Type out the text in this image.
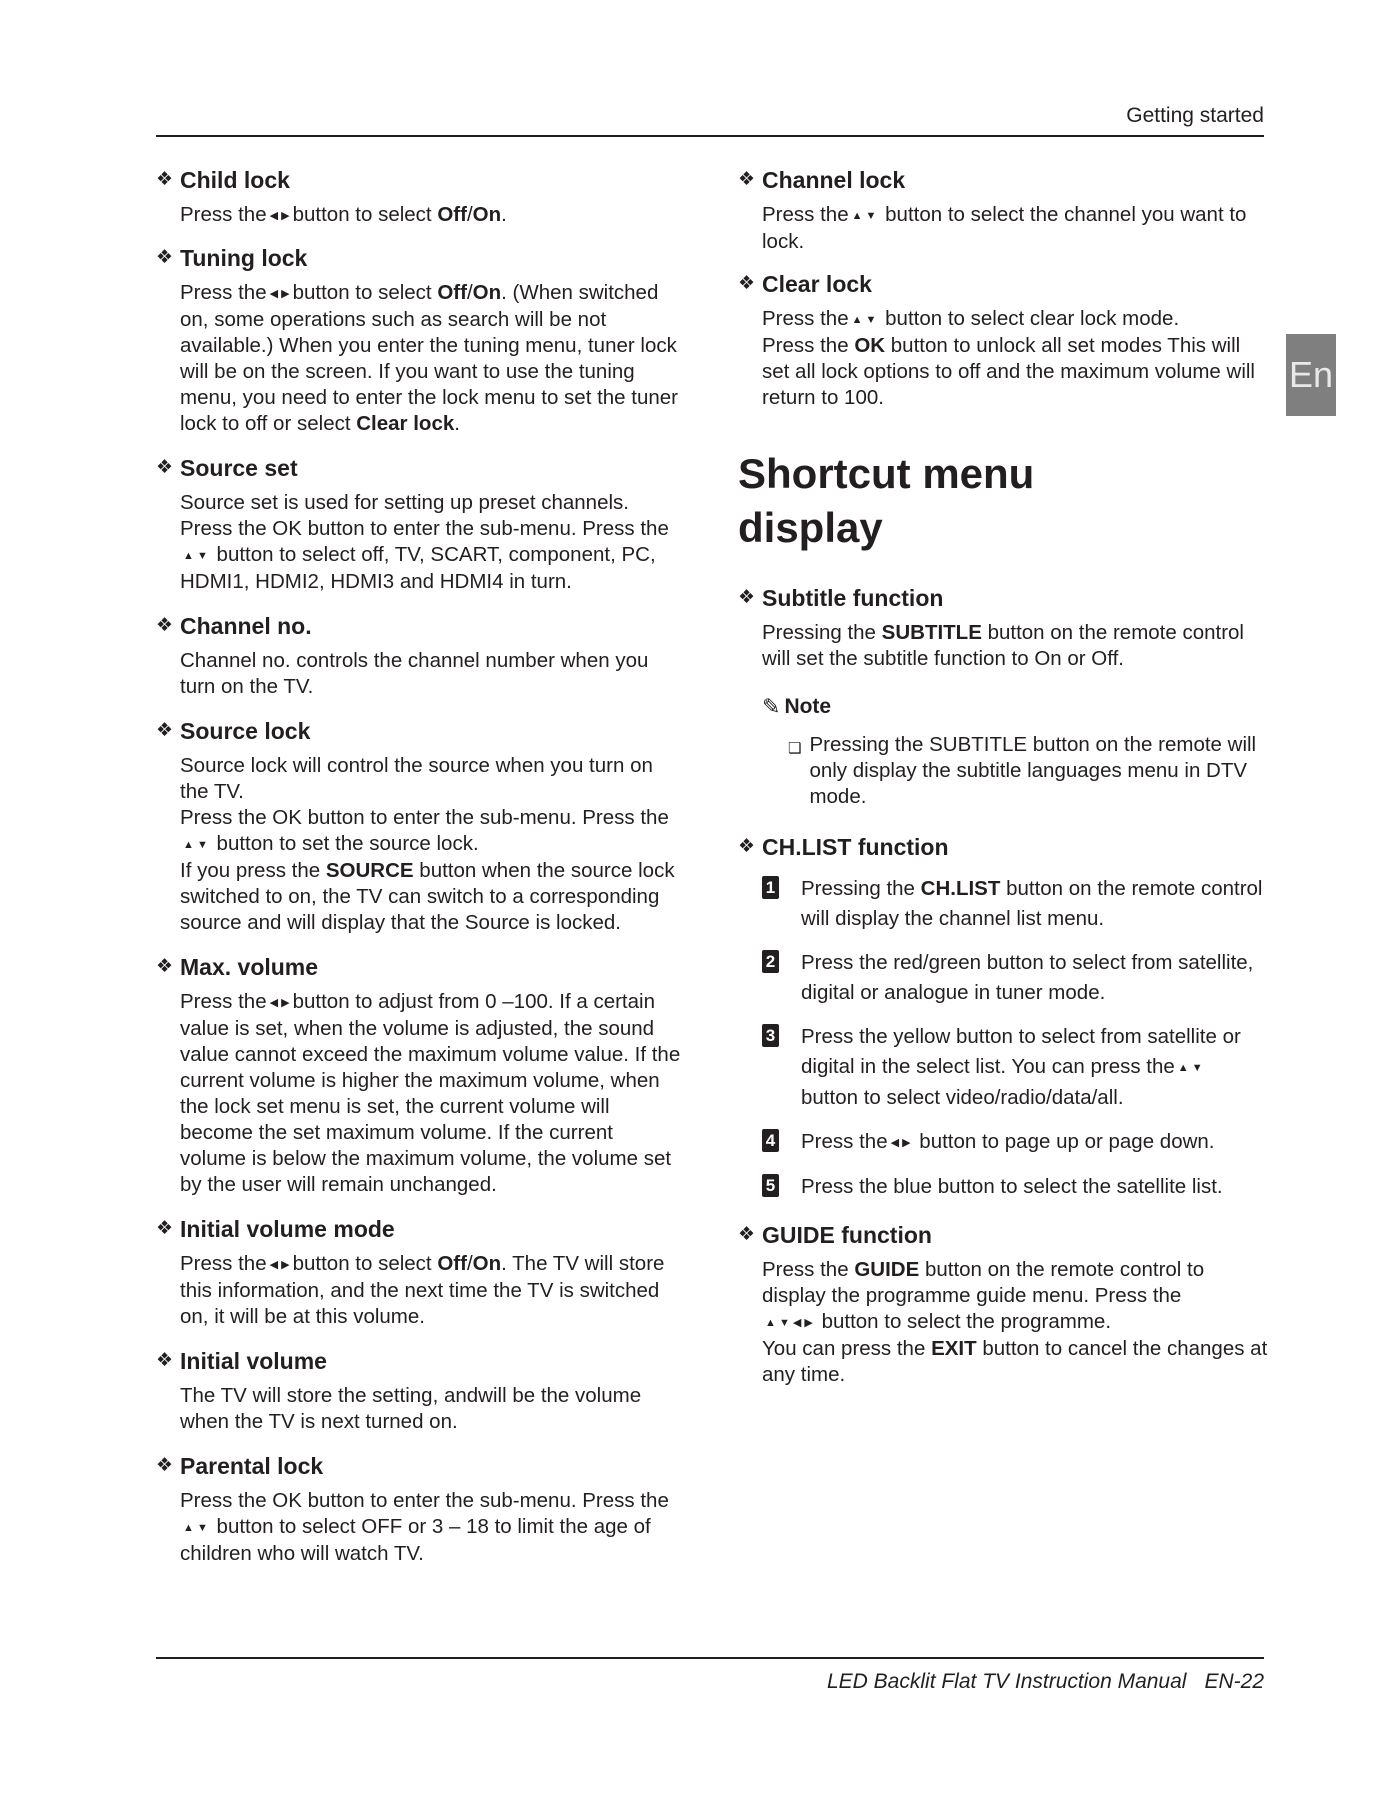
Getting started
En
❖ Child lock

Press the ◀ ▶ button to select Off/On.

❖ Tuning lock

Press the ◀ ▶ button to select Off/On. (When switched on, some operations such as search will be not available.) When you enter the tuning menu, tuner lock will be on the screen. If you want to use the tuning menu, you need to enter the lock menu to set the tuner lock to off or select Clear lock.

❖ Source set

Source set is used for setting up preset channels.
Press the OK button to enter the sub-menu. Press the
▲ ▼ button to select off, TV, SCART, component, PC, HDMI1, HDMI2, HDMI3 and HDMI4 in turn.

❖ Channel no.

Channel no. controls the channel number when you turn on the TV.

❖ Source lock

Source lock will control the source when you turn on the TV.
Press the OK button to enter the sub-menu. Press the
▲ ▼ button to set the source lock.
If you press the SOURCE button when the source lock switched to on, the TV can switch to a corresponding source and will display that the Source is locked.

❖ Max. volume

Press the ◀ ▶ button to adjust from 0 –100. If a certain value is set, when the volume is adjusted, the sound value cannot exceed the maximum volume value. If the current volume is higher the maximum volume, when the lock set menu is set, the current volume will become the set maximum volume. If the current volume is below the maximum volume, the volume set by the user will remain unchanged.

❖ Initial volume mode

Press the ◀ ▶ button to select Off/On. The TV will store this information, and the next time the TV is switched on, it will be at this volume.

❖ Initial volume

The TV will store the setting, andwill be the volume when the TV is next turned on.

❖ Parental lock

Press the OK button to enter the sub-menu. Press the
▲ ▼ button to select OFF or 3 – 18 to limit the age of children who will watch TV.

❖ Channel lock

Press the ▲ ▼ button to select the channel you want to lock.

❖ Clear lock

Press the ▲ ▼ button to select clear lock mode.
Press the OK button to unlock all set modes This will set all lock options to off and the maximum volume will return to 100.

Shortcut menu
display
❖ Subtitle function

Pressing the SUBTITLE button on the remote control will set the subtitle function to On or Off.

✎ Note
❏ Pressing the SUBTITLE button on the remote will only display the subtitle languages menu in DTV mode.
❖ CH.LIST function
1 Pressing the CH.LIST button on the remote control will display the channel list menu.
2 Press the red/green button to select from satellite, digital or analogue in tuner mode.
3 Press the yellow button to select from satellite or digital in the select list. You can press the ▲ ▼ button to select video/radio/data/all.
4 Press the ◀ ▶ button to page up or page down.
5 Press the blue button to select the satellite list.
❖ GUIDE function

Press the GUIDE button on the remote control to display the programme guide menu. Press the
▲ ▼ ◀ ▶ button to select the programme.
You can press the EXIT button to cancel the changes at any time.

LED Backlit Flat TV Instruction Manual EN-22
